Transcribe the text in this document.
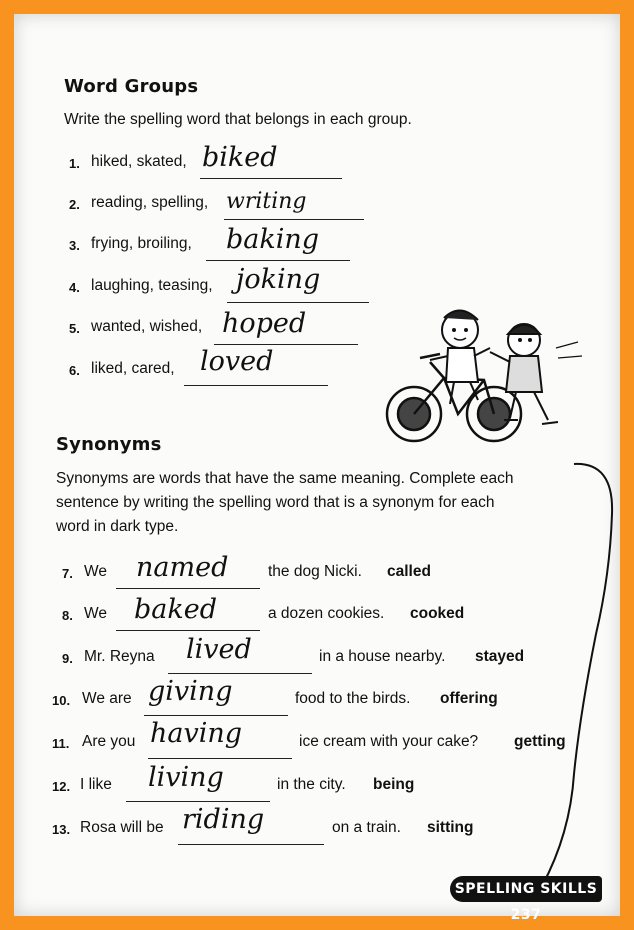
Word Groups
Write the spelling word that belongs in each group.
1. hiked, skated, biked
2. reading, spelling, writing
3. frying, broiling, baking
4. laughing, teasing, joking
5. wanted, wished, hoped
6. liked, cared, loved
Synonyms
Synonyms are words that have the same meaning. Complete each
sentence by writing the spelling word that is a synonym for each
word in dark type.
7. We named	the dog Nicki. called
8. We baked	a dozen cookies. cooked
9. Mr. Reyna lived	in a house nearby. stayed
10. We are giving	food to the birds. offering
11. Are you having	ice cream with your cake? getting
12. I like living	in the city. being
13. Rosa will be riding	on a train. sitting
SPELLING SKILLS 237
